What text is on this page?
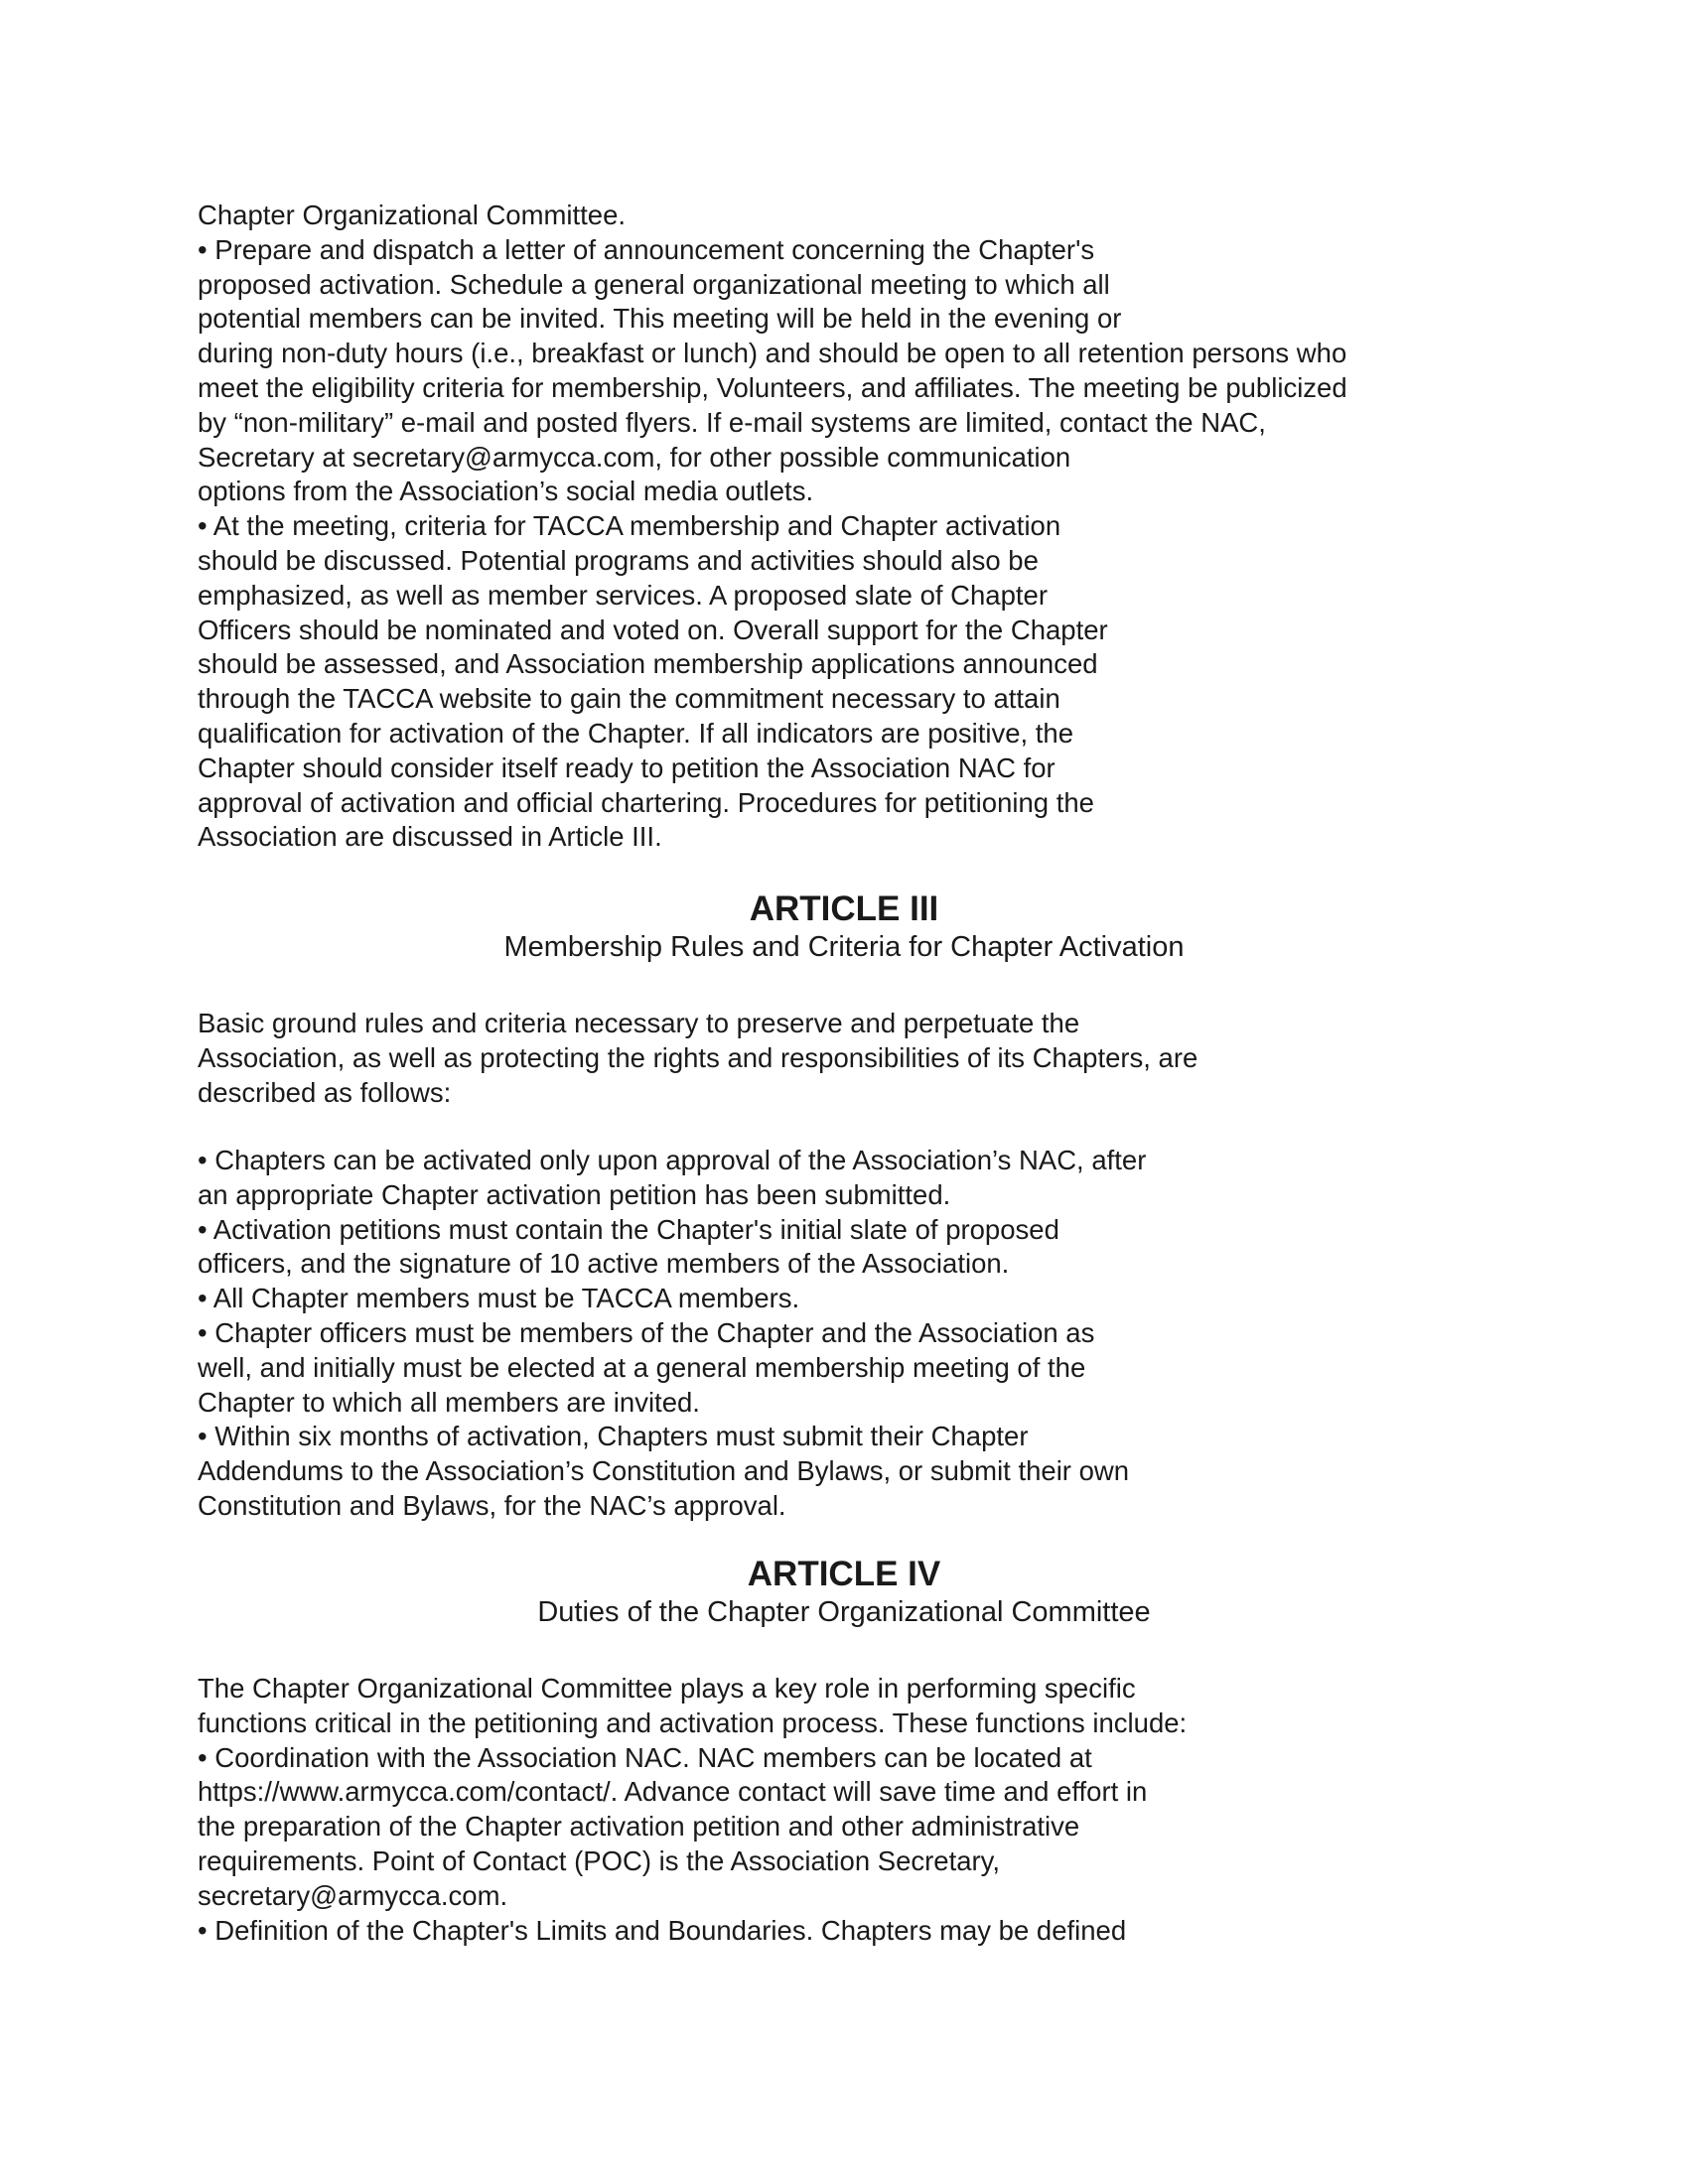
Chapter Organizational Committee.
• Prepare and dispatch a letter of announcement concerning the Chapter's
proposed activation. Schedule a general organizational meeting to which all
potential members can be invited. This meeting will be held in the evening or
during non-duty hours (i.e., breakfast or lunch) and should be open to all retention persons who
meet the eligibility criteria for membership, Volunteers, and affiliates. The meeting be publicized
by “non-military” e-mail and posted flyers. If e-mail systems are limited, contact the NAC,
Secretary at secretary@armycca.com, for other possible communication
options from the Association’s social media outlets.
• At the meeting, criteria for TACCA membership and Chapter activation
should be discussed. Potential programs and activities should also be
emphasized, as well as member services. A proposed slate of Chapter
Officers should be nominated and voted on. Overall support for the Chapter
should be assessed, and Association membership applications announced
through the TACCA website to gain the commitment necessary to attain
qualification for activation of the Chapter. If all indicators are positive, the
Chapter should consider itself ready to petition the Association NAC for
approval of activation and official chartering. Procedures for petitioning the
Association are discussed in Article III.
ARTICLE III
Membership Rules and Criteria for Chapter Activation
Basic ground rules and criteria necessary to preserve and perpetuate the
Association, as well as protecting the rights and responsibilities of its Chapters, are
described as follows:
• Chapters can be activated only upon approval of the Association’s NAC, after
an appropriate Chapter activation petition has been submitted.
• Activation petitions must contain the Chapter's initial slate of proposed
officers, and the signature of 10 active members of the Association.
• All Chapter members must be TACCA members.
• Chapter officers must be members of the Chapter and the Association as
well, and initially must be elected at a general membership meeting of the
Chapter to which all members are invited.
• Within six months of activation, Chapters must submit their Chapter
Addendums to the Association’s Constitution and Bylaws, or submit their own
Constitution and Bylaws, for the NAC’s approval.
ARTICLE IV
Duties of the Chapter Organizational Committee
The Chapter Organizational Committee plays a key role in performing specific
functions critical in the petitioning and activation process. These functions include:
• Coordination with the Association NAC. NAC members can be located at
https://www.armycca.com/contact/. Advance contact will save time and effort in
the preparation of the Chapter activation petition and other administrative
requirements. Point of Contact (POC) is the Association Secretary,
secretary@armycca.com.
• Definition of the Chapter's Limits and Boundaries. Chapters may be defined
